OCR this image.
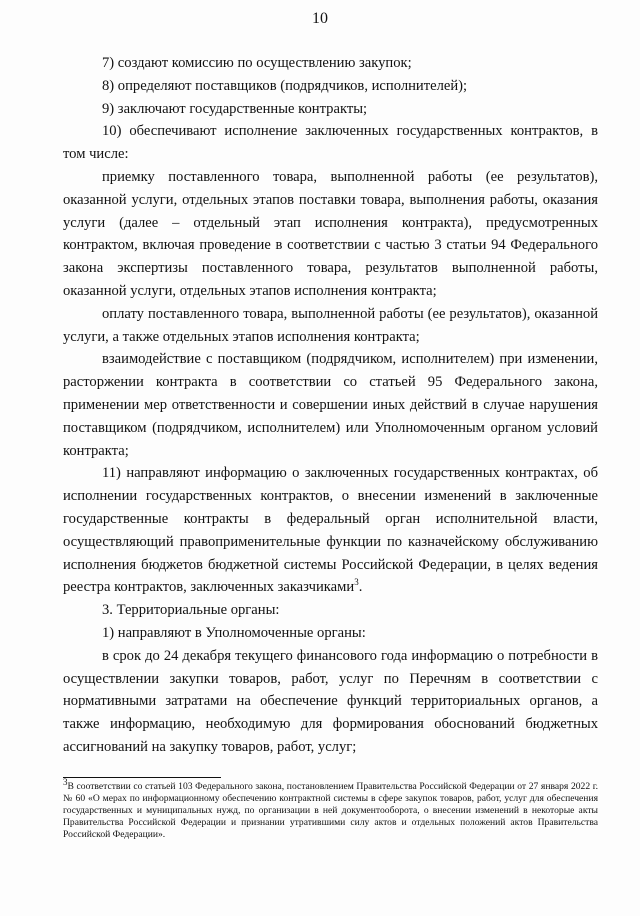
10

7) создают комиссию по осуществлению закупок;

8) определяют поставщиков (подрядчиков, исполнителей);

9) заключают государственные контракты;

10) обеспечивают исполнение заключенных государственных контрактов, в том числе:

приемку поставленного товара, выполненной работы (ее результатов), оказанной услуги, отдельных этапов поставки товара, выполнения работы, оказания услуги (далее – отдельный этап исполнения контракта), предусмотренных контрактом, включая проведение в соответствии с частью 3 статьи 94 Федерального закона экспертизы поставленного товара, результатов выполненной работы, оказанной услуги, отдельных этапов исполнения контракта;

оплату поставленного товара, выполненной работы (ее результатов), оказанной услуги, а также отдельных этапов исполнения контракта;

взаимодействие с поставщиком (подрядчиком, исполнителем) при изменении, расторжении контракта в соответствии со статьей 95 Федерального закона, применении мер ответственности и совершении иных действий в случае нарушения поставщиком (подрядчиком, исполнителем) или Уполномоченным органом условий контракта;

11) направляют информацию о заключенных государственных контрактах, об исполнении государственных контрактов, о внесении изменений в заключенные государственные контракты в федеральный орган исполнительной власти, осуществляющий правоприменительные функции по казначейскому обслуживанию исполнения бюджетов бюджетной системы Российской Федерации, в целях ведения реестра контрактов, заключенных заказчиками$^3$.

3. Территориальные органы:

1) направляют в Уполномоченные органы:

в срок до 24 декабря текущего финансового года информацию о потребности в осуществлении закупки товаров, работ, услуг по Перечням в соответствии с нормативными затратами на обеспечение функций территориальных органов, а также информацию, необходимую для формирования обоснований бюджетных ассигнований на закупку товаров, работ, услуг;

$^3$В соответствии со статьей 103 Федерального закона, постановлением Правительства Российской Федерации от 27 января 2022 г. № 60 «О мерах по информационному обеспечению контрактной системы в сфере закупок товаров, работ, услуг для обеспечения государственных и муниципальных нужд, по организации в ней документооборота, о внесении изменений в некоторые акты Правительства Российской Федерации и признании утратившими силу актов и отдельных положений актов Правительства Российской Федерации».
